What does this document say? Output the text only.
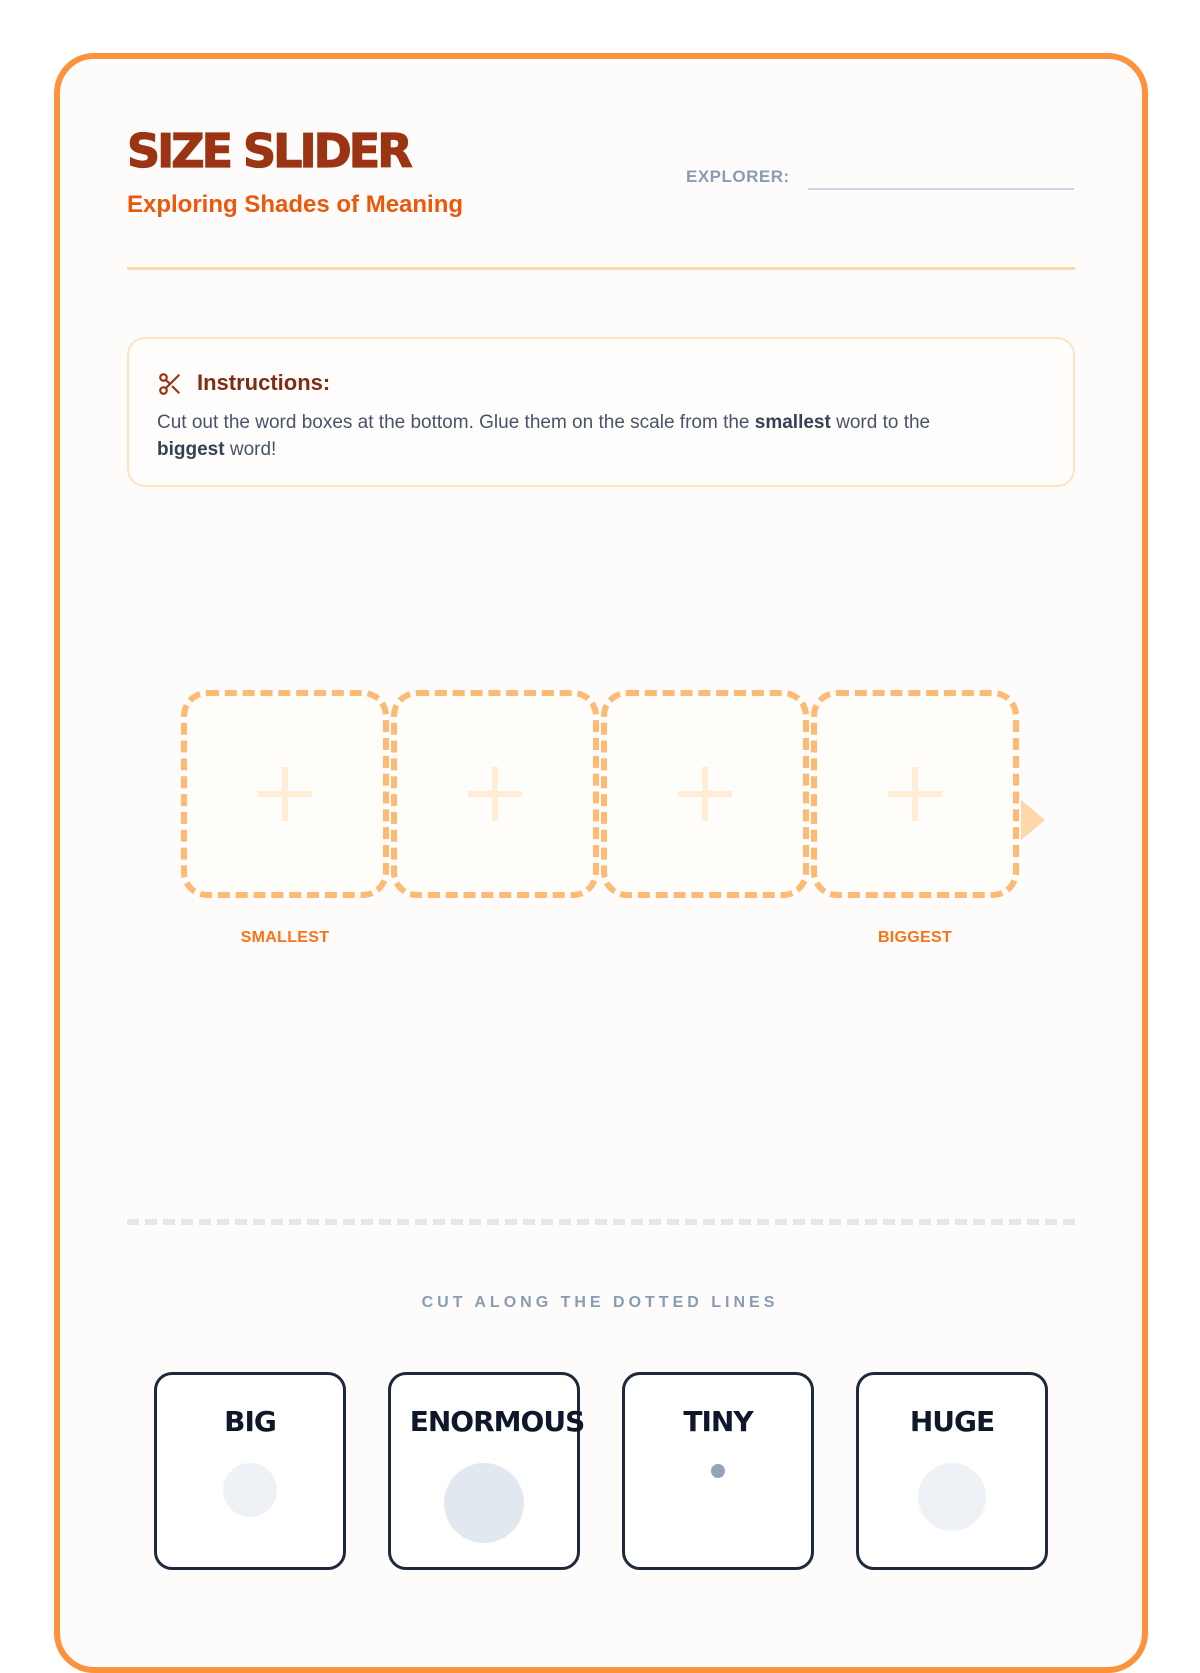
SIZE SLIDER
Exploring Shades of Meaning
EXPLORER:
Instructions:
Cut out the word boxes at the bottom. Glue them on the scale from the smallest word to the
biggest word!
SMALLEST	BIGGEST
CUT ALONG THE DOTTED LINES
BIG	ENORMOUS	TINY	HUGE
